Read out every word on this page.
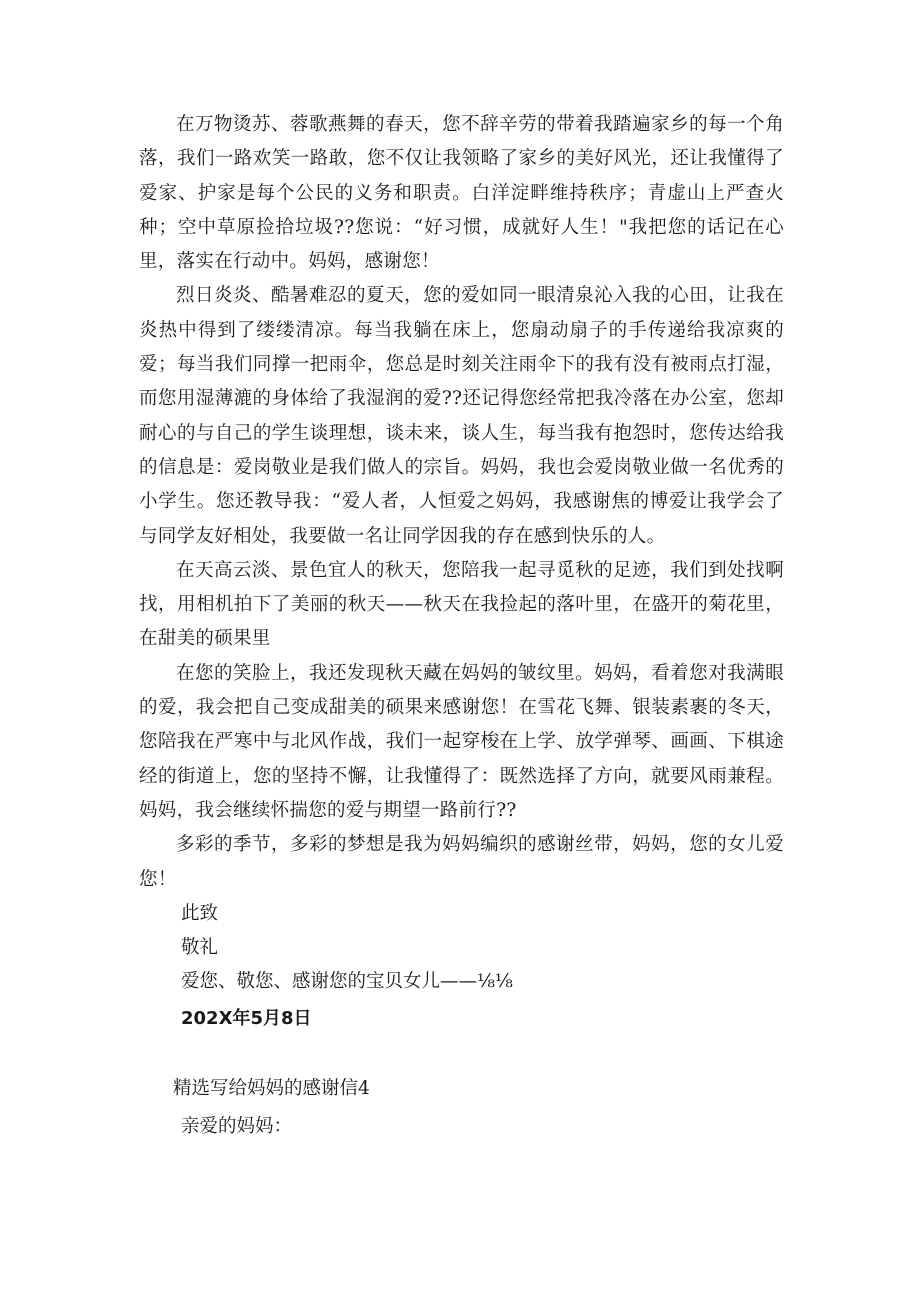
在万物烫苏、蓉歌燕舞的春天，您不辞辛劳的带着我踏遍家乡的每一个角落，我们一路欢笑一路敢，您不仅让我领略了家乡的美好风光，还让我懂得了爱家、护家是每个公民的义务和职责。白洋淀畔维持秩序；青虚山上严查火种；空中草原捡拾垃圾??您说：“好习惯，成就好人生！"我把您的话记在心里，落实在行动中。妈妈，感谢您！

烈日炎炎、酷暑难忍的夏天，您的爱如同一眼清泉沁入我的心田，让我在炎热中得到了缕缕清凉。每当我躺在床上，您扇动扇子的手传递给我凉爽的爱；每当我们同撑一把雨伞，您总是时刻关注雨伞下的我有没有被雨点打湿，而您用湿薄漉的身体给了我湿润的爱??还记得您经常把我冷落在办公室，您却耐心的与自己的学生谈理想，谈未来，谈人生，每当我有抱怨时，您传达给我的信息是：爱岗敬业是我们做人的宗旨。妈妈，我也会爱岗敬业做一名优秀的小学生。您还教导我：“爱人者，人恒爱之妈妈，我感谢焦的博爱让我学会了与同学友好相处，我要做一名让同学因我的存在感到快乐的人。

在天高云淡、景色宜人的秋天，您陪我一起寻觅秋的足迹，我们到处找啊找，用相机拍下了美丽的秋天——秋天在我捡起的落叶里，在盛开的菊花里，在甜美的硕果里

在您的笑脸上，我还发现秋天藏在妈妈的皱纹里。妈妈，看着您对我满眼的爱，我会把自己变成甜美的硕果来感谢您！在雪花飞舞、银装素裹的冬天，您陪我在严寒中与北风作战，我们一起穿梭在上学、放学弹琴、画画、下棋途经的街道上，您的坚持不懈，让我懂得了：既然选择了方向，就要风雨兼程。妈妈，我会继续怀揣您的爱与期望一路前行??

多彩的季节，多彩的梦想是我为妈妈编织的感谢丝带，妈妈，您的女儿爱您！

此致

敬礼

爱您、敬您、感谢您的宝贝女儿——⅛⅛

202X年5月8日

精选写给妈妈的感谢信4

亲爱的妈妈：
